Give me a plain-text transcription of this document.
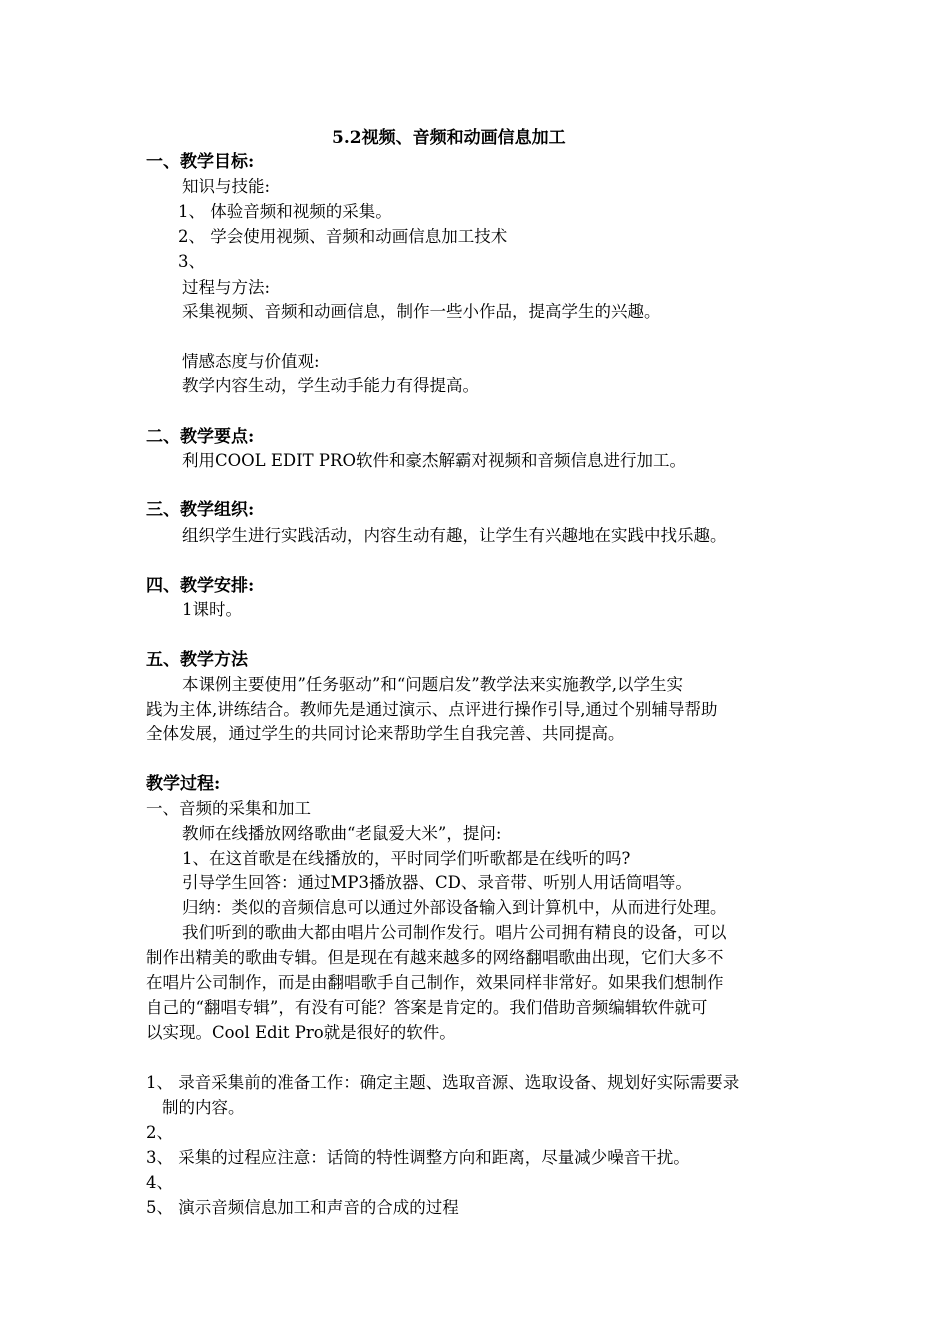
5.2视频、音频和动画信息加工
一、教学目标:
知识与技能:
1、 体验音频和视频的采集。
2、 学会使用视频、音频和动画信息加工技术
3、
过程与方法:
采集视频、音频和动画信息，制作一些小作品，提高学生的兴趣。
情感态度与价值观:
教学内容生动，学生动手能力有得提高。
二、教学要点:
利用COOL EDIT PRO软件和豪杰解霸对视频和音频信息进行加工。
三、教学组织:
组织学生进行实践活动，内容生动有趣，让学生有兴趣地在实践中找乐趣。
四、教学安排:
1课时。
五、教学方法
本课例主要使用”任务驱动”和“问题启发”教学法来实施教学,以学生实
践为主体,讲练结合。教师先是通过演示、点评进行操作引导,通过个别辅导帮助
全体发展，通过学生的共同讨论来帮助学生自我完善、共同提高。
教学过程:
一、音频的采集和加工
教师在线播放网络歌曲“老鼠爱大米”，提问:
1、在这首歌是在线播放的，平时同学们听歌都是在线听的吗?
引导学生回答：通过MP3播放器、CD、录音带、听别人用话筒唱等。
归纳：类似的音频信息可以通过外部设备输入到计算机中，从而进行处理。
我们听到的歌曲大都由唱片公司制作发行。唱片公司拥有精良的设备，可以
制作出精美的歌曲专辑。但是现在有越来越多的网络翻唱歌曲出现，它们大多不
在唱片公司制作，而是由翻唱歌手自己制作，效果同样非常好。如果我们想制作
自己的“翻唱专辑”，有没有可能？答案是肯定的。我们借助音频编辑软件就可
以实现。Cool Edit Pro就是很好的软件。
1、 录音采集前的准备工作：确定主题、选取音源、选取设备、规划好实际需要录
制的内容。
2、
3、 采集的过程应注意：话筒的特性调整方向和距离，尽量减少噪音干扰。
4、
5、 演示音频信息加工和声音的合成的过程
